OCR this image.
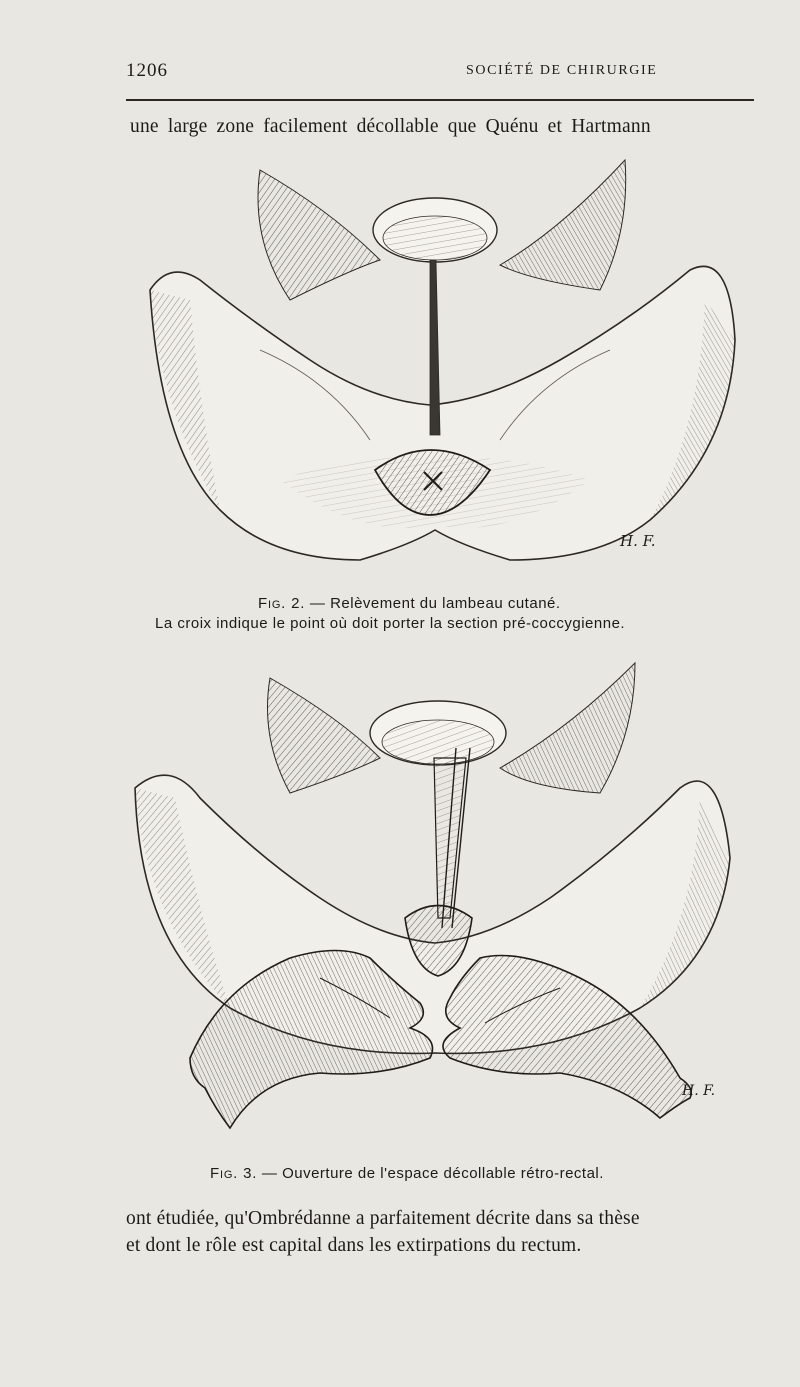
1206	SOCIÉTÉ DE CHIRURGIE
une large zone facilement décollable que Quénu et Hartmann
H. F.
Fig. 2. — Relèvement du lambeau cutané.
La croix indique le point où doit porter la section pré-coccygienne.
H. F.
Fig. 3. — Ouverture de l'espace décollable rétro-rectal.
ont étudiée, qu'Ombrédanne a parfaitement décrite dans sa thèse
et dont le rôle est capital dans les extirpations du rectum.
